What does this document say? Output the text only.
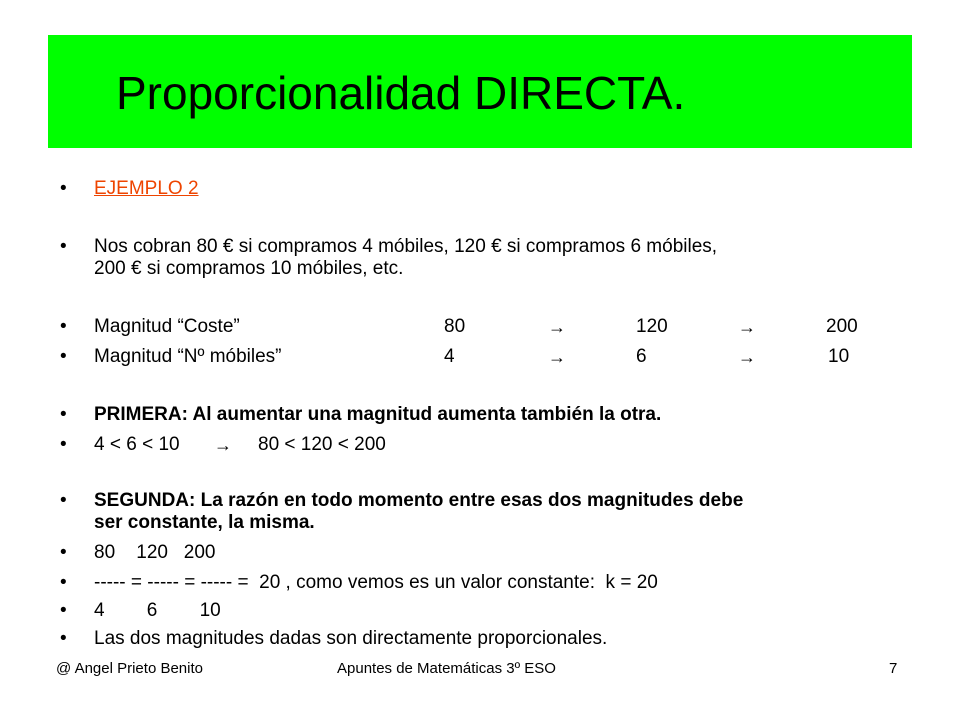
Proporcionalidad DIRECTA.
• EJEMPLO 2
• Nos cobran 80 € si compramos 4 móbiles, 120 € si compramos 6 móbiles,
200 € si compramos 10 móbiles, etc.
• Magnitud “Coste”	80	→	120	→	200
• Magnitud “Nº móbiles”	4	→	6	→	10
• PRIMERA: Al aumentar una magnitud aumenta también la otra.
• 4 < 6 < 10 → 80 < 120 < 200
• SEGUNDA: La razón en todo momento entre esas dos magnitudes debe
ser constante, la misma.
• 80    120   200
• ----- = ----- = ----- =  20 , como vemos es un valor constante:  k = 20
• 4        6        10
• Las dos magnitudes dadas son directamente proporcionales.
@ Angel Prieto Benito	Apuntes de Matemáticas 3º ESO	7
